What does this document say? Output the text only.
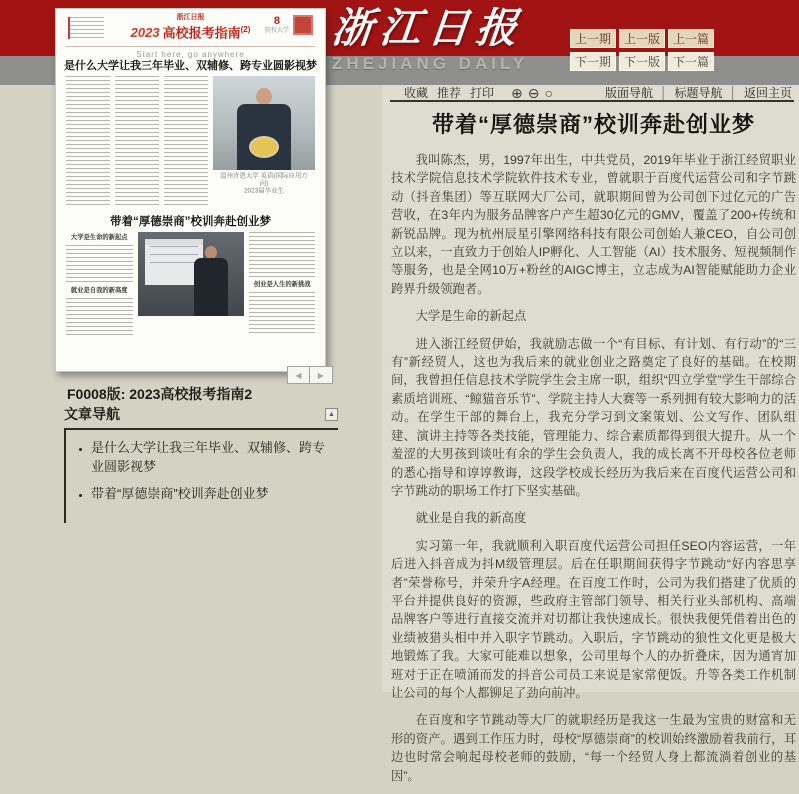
浙江日报
ZHEJIANG DAILY
上一期	上一版	上一篇
下一期	下一版	下一篇
收藏 推荐 打印 ⊕ ⊖ ○	版面导航 │ 标题导航 │ 返回主页
浙江日报
2023 高校报考指南$^{(2)}$
8
院校大学
Start here, go anywhere
是什么大学让我三年毕业、双辅修、跨专业圆影视梦
温州肯恩大学 英语(国际应用方向)
2023届毕业生
带着“厚德崇商”校训奔赴创业梦
大学是生命的新起点
就业是自我的新高度
创业是人生的新挑战
F0008版: 2023高校报考指南2
◀	▶
文章导航	▲
• 是什么大学让我三年毕业、双辅修、跨专业圆影视梦
• 带着“厚德崇商”校训奔赴创业梦
带着“厚德崇商”校训奔赴创业梦

我叫陈杰，男，1997年出生，中共党员，2019年毕业于浙江经贸职业技术学院信息技术学院软件技术专业，曾就职于百度代运营公司和字节跳动（抖音集团）等互联网大厂公司，就职期间曾为公司创下过亿元的广告营收，在3年内为服务品牌客户产生超30亿元的GMV，覆盖了200+传统和新锐品牌。现为杭州辰星引擎网络科技有限公司创始人兼CEO，自公司创立以来，一直致力于创始人IP孵化、人工智能（AI）技术服务、短视频制作等服务，也是全网10万+粉丝的AIGC博主，立志成为AI智能赋能助力企业跨界升级领跑者。

大学是生命的新起点

进入浙江经贸伊始，我就励志做一个“有目标、有计划、有行动”的“三有”新经贸人，这也为我后来的就业创业之路奠定了良好的基础。在校期间，我曾担任信息技术学院学生会主席一职，组织“四立学堂”学生干部综合素质培训班、“鲸猫音乐节”、学院主持人大赛等一系列拥有较大影响力的活动。在学生干部的舞台上，我充分学习到文案策划、公文写作、团队组建、演讲主持等各类技能，管理能力、综合素质都得到很大提升。从一个羞涩的大男孩到谈吐有余的学生会负责人，我的成长离不开母校各位老师的悉心指导和谆谆教诲，这段学校成长经历为我后来在百度代运营公司和字节跳动的职场工作打下坚实基础。

就业是自我的新高度

实习第一年，我就顺利入职百度代运营公司担任SEO内容运营，一年后进入抖音成为抖M级管理层。后在任职期间获得字节跳动“好内容思享者”荣誉称号，并荣升字A经理。在百度工作时，公司为我们搭建了优质的平台并提供良好的资源，些政府主管部门领导、相关行业头部机构、高端品牌客户等进行直接交流并对切都让我快速成长。很快我便凭借着出色的业绩被猎头相中并入职字节跳动。入职后，字节跳动的狼性文化更是极大地锻炼了我。大家可能难以想象，公司里每个人的办折叠床，因为通宵加班对于正在喷涌而发的抖音公司员工来说是家常便饭。升等各类工作机制让公司的每个人都铆足了劲向前冲。

在百度和字节跳动等大厂的就职经历是我这一生最为宝贵的财富和无形的资产。遇到工作压力时，母校“厚德崇商”的校训始终激励着我前行，耳边也时常会响起母校老师的鼓励，“每一个经贸人身上都流淌着创业的基因”。
